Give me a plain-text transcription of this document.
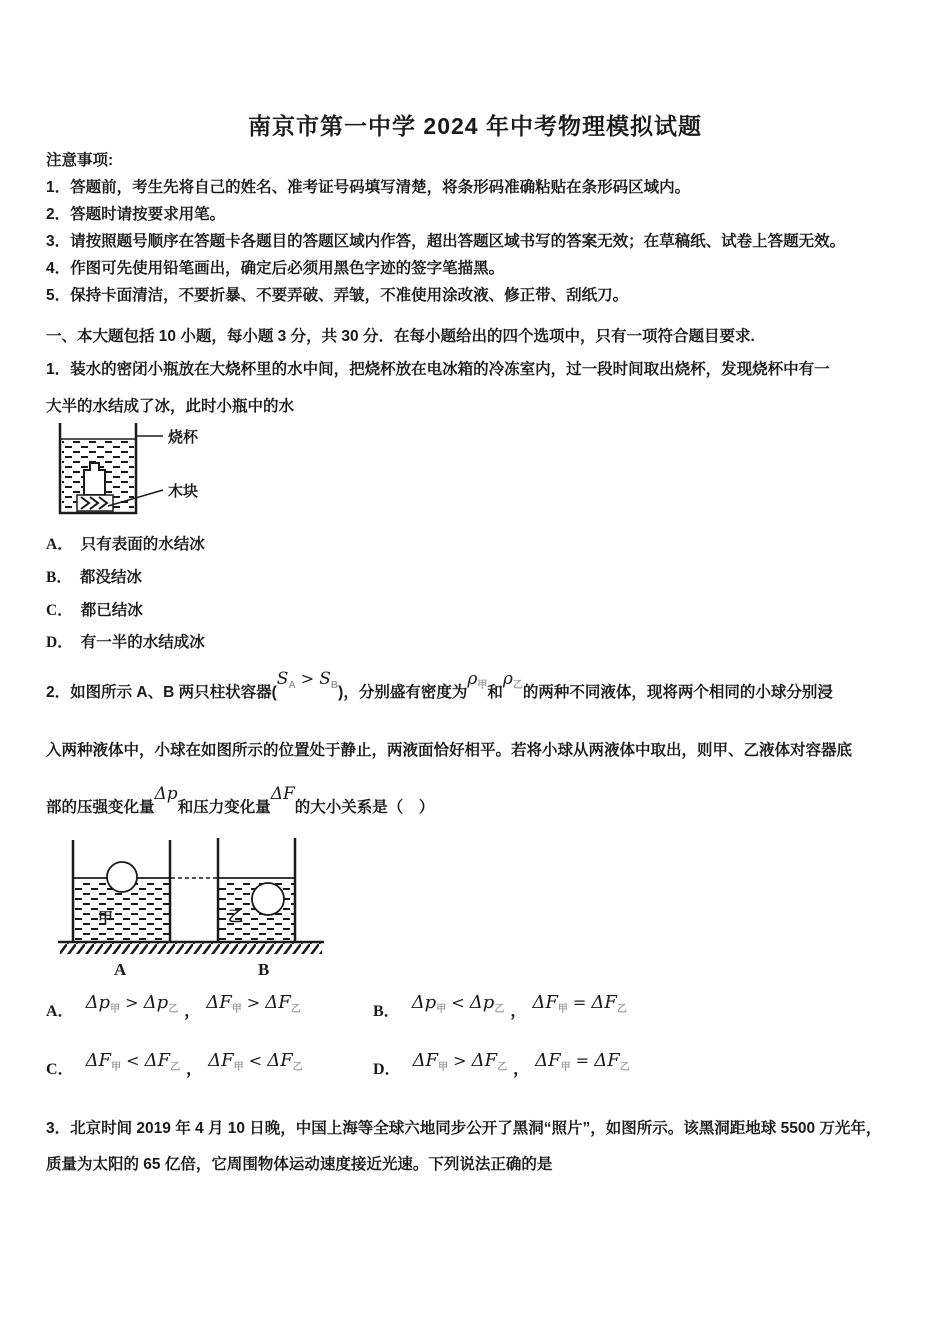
南京市第一中学 2024 年中考物理模拟试题
注意事项:
1．答题前，考生先将自己的姓名、准考证号码填写清楚，将条形码准确粘贴在条形码区域内。
2．答题时请按要求用笔。
3．请按照题号顺序在答题卡各题目的答题区域内作答，超出答题区域书写的答案无效；在草稿纸、试卷上答题无效。
4．作图可先使用铅笔画出，确定后必须用黑色字迹的签字笔描黑。
5．保持卡面清洁，不要折暴、不要弄破、弄皱，不准使用涂改液、修正带、刮纸刀。
一、本大题包括 10 小题，每小题 3 分，共 30 分．在每小题给出的四个选项中，只有一项符合题目要求.
1．装水的密闭小瓶放在大烧杯里的水中间，把烧杯放在电冰箱的冷冻室内，过一段时间取出烧杯，发现烧杯中有一
大半的水结成了冰，此时小瓶中的水
烧杯
木块
A． 只有表面的水结冰
B． 都没结冰
C． 都已结冰
D． 有一半的水结成冰
2．如图所示 A、B 两只柱状容器$(S_A > S_B)$，分别盛有密度为$\rho_甲$和$\rho_乙$的两种不同液体，现将两个相同的小球分别浸
入两种液体中，小球在如图所示的位置处于静止，两液面恰好相平。若将小球从两液体中取出，则甲、乙液体对容器底
部的压强变化量Δp和压力变化量ΔF的大小关系是（　）
甲	乙
A	B
A． $\Delta p_甲 > \Delta p_乙$ ， $\Delta F_甲 > \Delta F_乙$	B． $\Delta p_甲 < \Delta p_乙$ ， $\Delta F_甲 = \Delta F_乙$
C． $\Delta F_甲 < \Delta F_乙$ ， $\Delta F_甲 < \Delta F_乙$	D． $\Delta F_甲 > \Delta F_乙$ ， $\Delta F_甲 = \Delta F_乙$
3．北京时间 2019 年 4 月 10 日晚，中国上海等全球六地同步公开了黑洞“照片”，如图所示。该黑洞距地球 5500 万光年，
质量为太阳的 65 亿倍，它周围物体运动速度接近光速。下列说法正确的是
